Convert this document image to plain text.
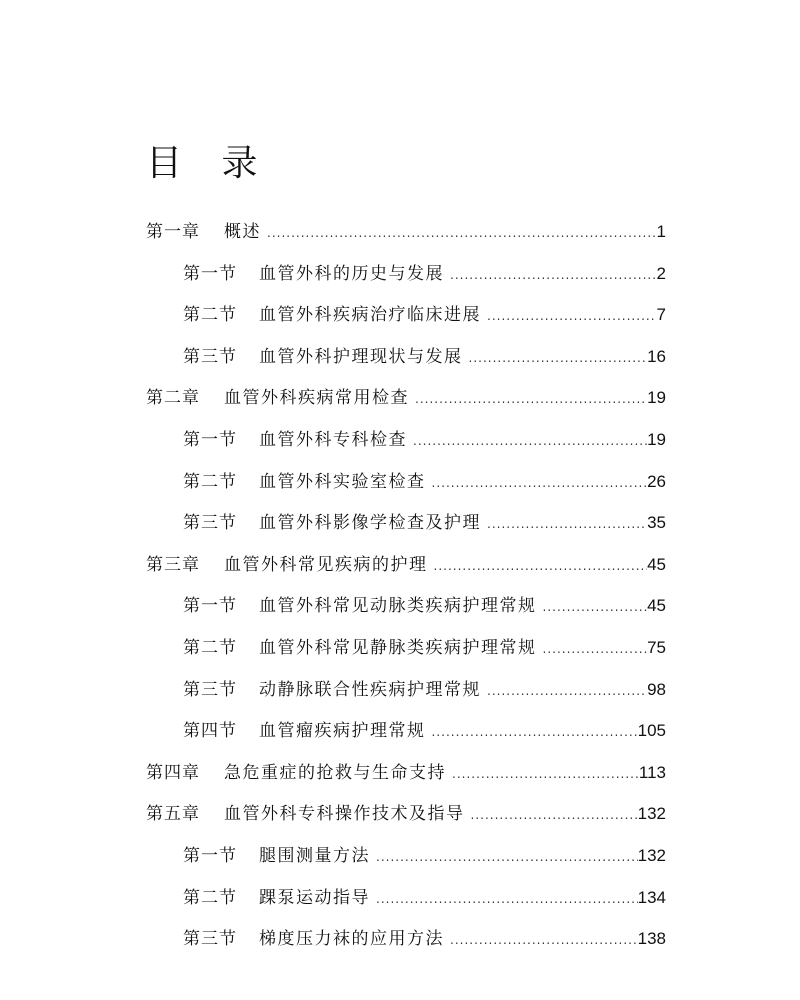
目 录
第一章	概述 .....	1
第一节	血管外科的历史与发展 .....	2
第二节	血管外科疾病治疗临床进展 .....	7
第三节	血管外科护理现状与发展 .....	16
第二章	血管外科疾病常用检查 .....	19
第一节	血管外科专科检查 .....	19
第二节	血管外科实验室检查 .....	26
第三节	血管外科影像学检查及护理 .....	35
第三章	血管外科常见疾病的护理 .....	45
第一节	血管外科常见动脉类疾病护理常规 .....	45
第二节	血管外科常见静脉类疾病护理常规 .....	75
第三节	动静脉联合性疾病护理常规 .....	98
第四节	血管瘤疾病护理常规 .....	105
第四章	急危重症的抢救与生命支持 .....	113
第五章	血管外科专科操作技术及指导 .....	132
第一节	腿围测量方法 .....	132
第二节	踝泵运动指导 .....	134
第三节	梯度压力袜的应用方法 .....	138
